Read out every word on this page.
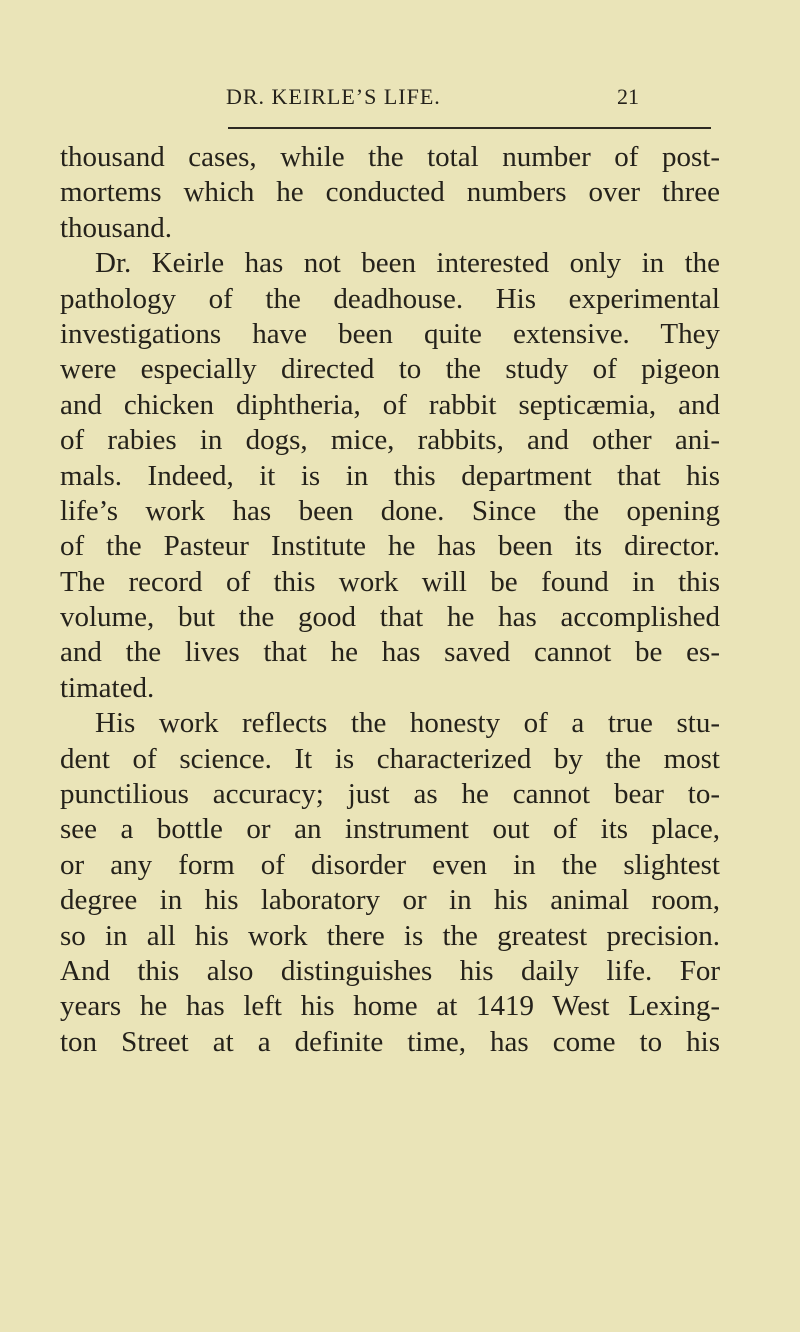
DR. KEIRLE’S LIFE.	21
thousand cases, while the total number of post-
mortems which he conducted numbers over three
thousand.
Dr. Keirle has not been interested only in the
pathology of the deadhouse. His experimental
investigations have been quite extensive. They
were especially directed to the study of pigeon
and chicken diphtheria, of rabbit septicæmia, and
of rabies in dogs, mice, rabbits, and other ani-
mals. Indeed, it is in this department that his
life’s work has been done. Since the opening
of the Pasteur Institute he has been its director.
The record of this work will be found in this
volume, but the good that he has accomplished
and the lives that he has saved cannot be es-
timated.
His work reflects the honesty of a true stu-
dent of science. It is characterized by the most
punctilious accuracy; just as he cannot bear to-
see a bottle or an instrument out of its place,
or any form of disorder even in the slightest
degree in his laboratory or in his animal room,
so in all his work there is the greatest precision.
And this also distinguishes his daily life. For
years he has left his home at 1419 West Lexing-
ton Street at a definite time, has come to his
